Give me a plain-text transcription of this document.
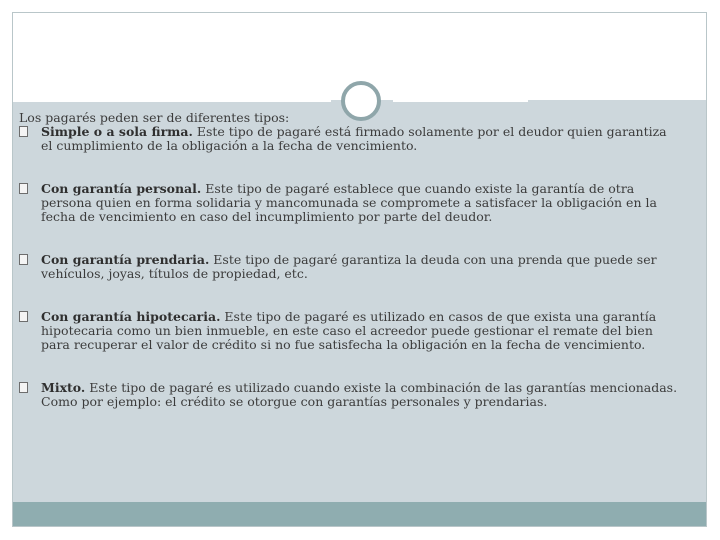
Los pagarés peden ser de diferentes tipos:

Simple o a sola firma. Este tipo de pagaré está firmado solamente por el deudor quien garantiza el cumplimiento de la obligación a la fecha de vencimiento.

Con garantía personal. Este tipo de pagaré establece que cuando existe la garantía de otra persona quien en forma solidaria y mancomunada se compromete a satisfacer la obligación en la fecha de vencimiento en caso del incumplimiento por parte del deudor.

Con garantía prendaria. Este tipo de pagaré garantiza la deuda con una prenda que puede ser vehículos, joyas, títulos de propiedad, etc.

Con garantía hipotecaria. Este tipo de pagaré es utilizado en casos de que exista una garantía hipotecaria como un bien inmueble, en este caso el acreedor puede gestionar el remate del bien para recuperar el valor de crédito si no fue satisfecha la obligación en la fecha de vencimiento.

Mixto. Este tipo de pagaré es utilizado cuando existe la combinación de las garantías mencionadas. Como por ejemplo: el crédito se otorgue con garantías personales y prendarias.
